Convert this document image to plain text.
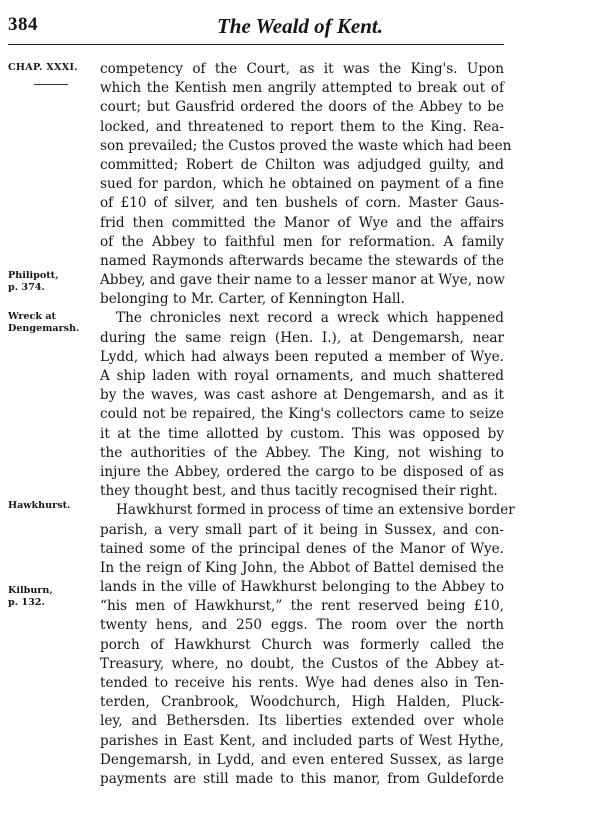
384	The Weald of Kent.
CHAP. XXXI.
Philipott,
p. 374.
Wreck at
Dengemarsh.
Hawkhurst.
Kilburn,
p. 132.
competency of the Court, as it was the King's. Upon
which the Kentish men angrily attempted to break out of
court; but Gausfrid ordered the doors of the Abbey to be
locked, and threatened to report them to the King. Rea-
son prevailed; the Custos proved the waste which had been
committed; Robert de Chilton was adjudged guilty, and
sued for pardon, which he obtained on payment of a fine
of £10 of silver, and ten bushels of corn. Master Gaus-
frid then committed the Manor of Wye and the affairs
of the Abbey to faithful men for reformation. A family
named Raymonds afterwards became the stewards of the
Abbey, and gave their name to a lesser manor at Wye, now
belonging to Mr. Carter, of Kennington Hall.
The chronicles next record a wreck which happened
during the same reign (Hen. I.), at Dengemarsh, near
Lydd, which had always been reputed a member of Wye.
A ship laden with royal ornaments, and much shattered
by the waves, was cast ashore at Dengemarsh, and as it
could not be repaired, the King's collectors came to seize
it at the time allotted by custom. This was opposed by
the authorities of the Abbey. The King, not wishing to
injure the Abbey, ordered the cargo to be disposed of as
they thought best, and thus tacitly recognised their right.
Hawkhurst formed in process of time an extensive border
parish, a very small part of it being in Sussex, and con-
tained some of the principal denes of the Manor of Wye.
In the reign of King John, the Abbot of Battel demised the
lands in the ville of Hawkhurst belonging to the Abbey to
“his men of Hawkhurst,” the rent reserved being £10,
twenty hens, and 250 eggs. The room over the north
porch of Hawkhurst Church was formerly called the
Treasury, where, no doubt, the Custos of the Abbey at-
tended to receive his rents. Wye had denes also in Ten-
terden, Cranbrook, Woodchurch, High Halden, Pluck-
ley, and Bethersden. Its liberties extended over whole
parishes in East Kent, and included parts of West Hythe,
Dengemarsh, in Lydd, and even entered Sussex, as large
payments are still made to this manor, from Guldeforde
